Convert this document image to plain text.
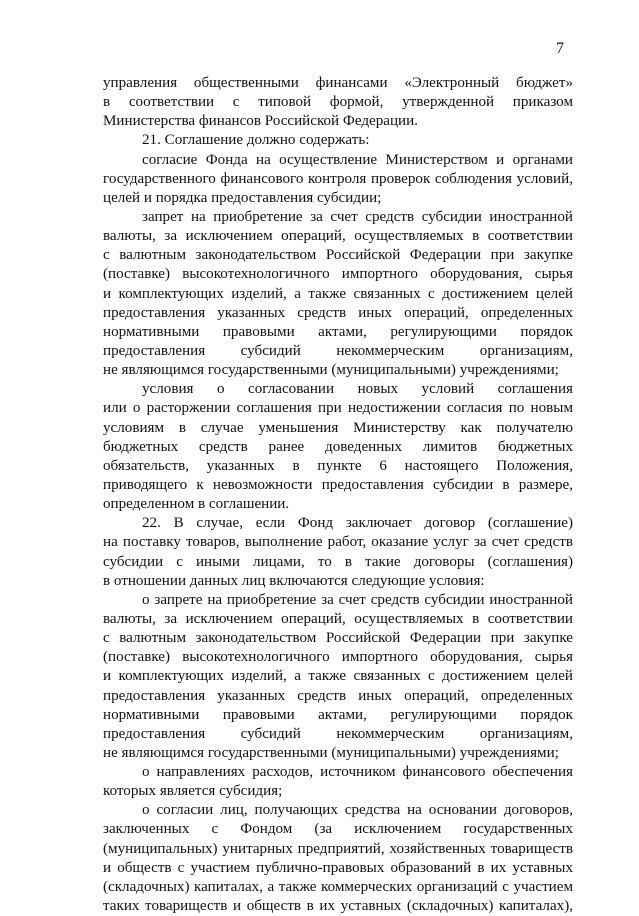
7
управления общественными финансами «Электронный бюджет»
в соответствии с типовой формой, утвержденной приказом
Министерства финансов Российской Федерации.
21. Соглашение должно содержать:
согласие Фонда на осуществление Министерством и органами
государственного финансового контроля проверок соблюдения условий,
целей и порядка предоставления субсидии;
запрет на приобретение за счет средств субсидии иностранной
валюты, за исключением операций, осуществляемых в соответствии
с валютным законодательством Российской Федерации при закупке
(поставке) высокотехнологичного импортного оборудования, сырья
и комплектующих изделий, а также связанных с достижением целей
предоставления указанных средств иных операций, определенных
нормативными правовыми актами, регулирующими порядок
предоставления субсидий некоммерческим организациям,
не являющимся государственными (муниципальными) учреждениями;
условия о согласовании новых условий соглашения
или о расторжении соглашения при недостижении согласия по новым
условиям в случае уменьшения Министерству как получателю
бюджетных средств ранее доведенных лимитов бюджетных
обязательств, указанных в пункте 6 настоящего Положения,
приводящего к невозможности предоставления субсидии в размере,
определенном в соглашении.
22. В случае, если Фонд заключает договор (соглашение)
на поставку товаров, выполнение работ, оказание услуг за счет средств
субсидии с иными лицами, то в такие договоры (соглашения)
в отношении данных лиц включаются следующие условия:
о запрете на приобретение за счет средств субсидии иностранной
валюты, за исключением операций, осуществляемых в соответствии
с валютным законодательством Российской Федерации при закупке
(поставке) высокотехнологичного импортного оборудования, сырья
и комплектующих изделий, а также связанных с достижением целей
предоставления указанных средств иных операций, определенных
нормативными правовыми актами, регулирующими порядок
предоставления субсидий некоммерческим организациям,
не являющимся государственными (муниципальными) учреждениями;
о направлениях расходов, источником финансового обеспечения
которых является субсидия;
о согласии лиц, получающих средства на основании договоров,
заключенных с Фондом (за исключением государственных
(муниципальных) унитарных предприятий, хозяйственных товариществ
и обществ с участием публично-правовых образований в их уставных
(складочных) капиталах, а также коммерческих организаций с участием
таких товариществ и обществ в их уставных (складочных) капиталах),
